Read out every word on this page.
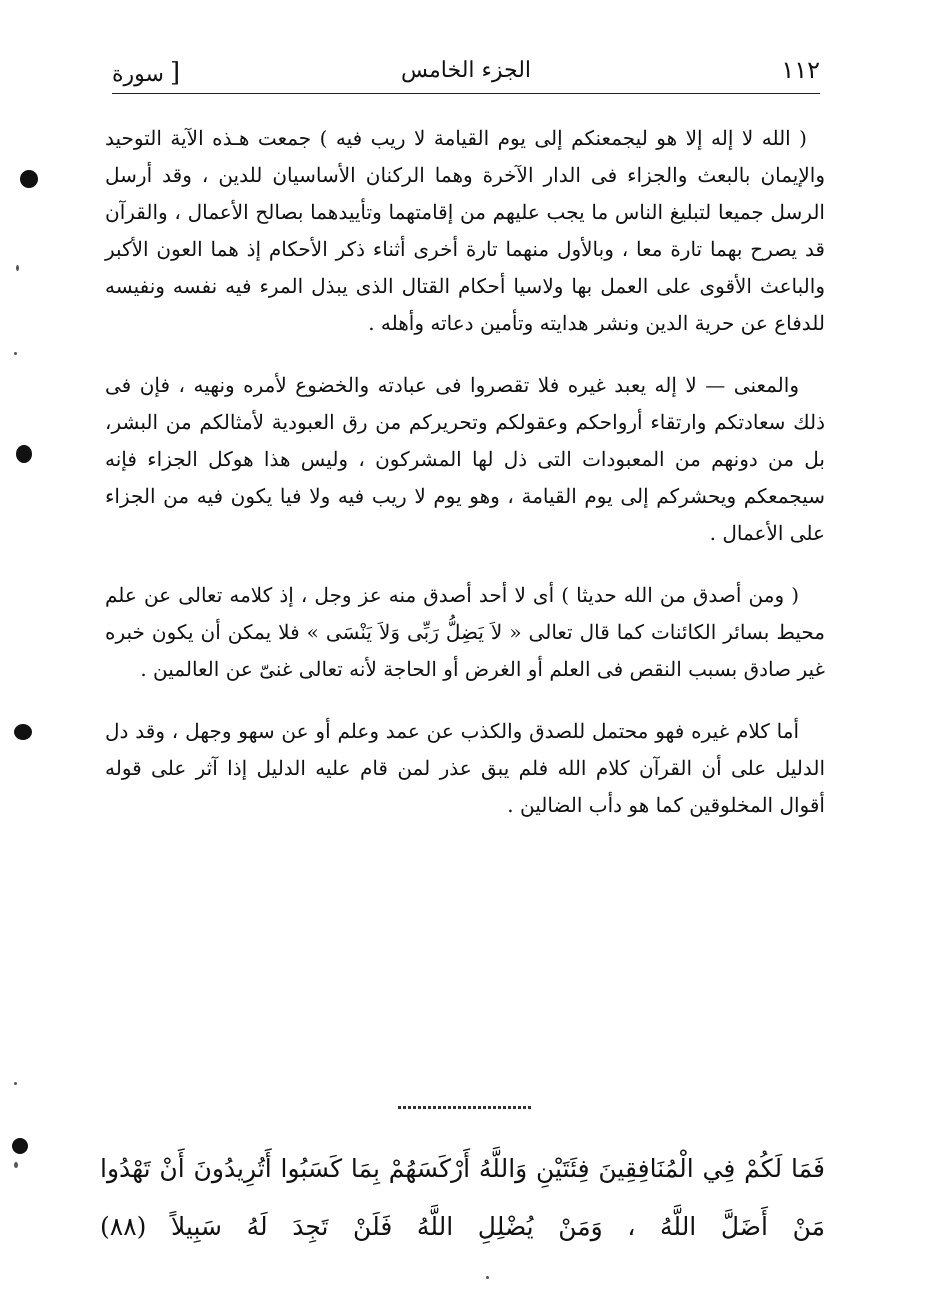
١١٢
الجزء الخامس
[سورة

( الله لا إله إلا هو ليجمعنكم إلى يوم القيامة لا ريب فيه ) جمعت هـذه الآية التوحيد والإيمان بالبعث والجزاء فى الدار الآخرة وهما الركنان الأساسيان للدين ، وقد أرسل الرسل جميعا لتبليغ الناس ما يجب عليهم من إقامتهما وتأييدهما بصالح الأعمال ، والقرآن قد يصرح بهما تارة معا ، وبالأول منهما تارة أخرى أثناء ذكر الأحكام إذ هما العون الأكبر والباعث الأقوى على العمل بها ولاسيا أحكام القتال الذى يبذل المرء فيه نفسه ونفيسه للدفاع عن حرية الدين ونشر هدايته وتأمين دعاته وأهله .

والمعنى — لا إله يعبد غيره فلا تقصروا فى عبادته والخضوع لأمره ونهيه ، فإن فى ذلك سعادتكم وارتقاء أرواحكم وعقولكم وتحريركم من رق العبودية لأمثالكم من البشر، بل من دونهم من المعبودات التى ذل لها المشركون ، وليس هذا هوكل الجزاء فإنه سيجمعكم ويحشركم إلى يوم القيامة ، وهو يوم لا ريب فيه ولا فيا يكون فيه من الجزاء على الأعمال .

( ومن أصدق من الله حديثا ) أى لا أحد أصدق منه عز وجل ، إذ كلامه تعالى عن علم محيط بسائر الكائنات كما قال تعالى « لاَ يَضِلُّ رَبِّى وَلاَ يَنْسَى » فلا يمكن أن يكون خبره غير صادق بسبب النقص فى العلم أو الغرض أو الحاجة لأنه تعالى غنىّ عن العالمين .

أما كلام غيره فهو محتمل للصدق والكذب عن عمد وعلم أو عن سهو وجهل ، وقد دل الدليل على أن القرآن كلام الله فلم يبق عذر لمن قام عليه الدليل إذا آثر على قوله أقوال المخلوقين كما هو دأب الضالين .

فَمَا لَكُمْ فِي الْمُنَافِقِينَ فِئَتَيْنِ وَاللَّهُ أَرْكَسَهُمْ بِمَا كَسَبُوا أَتُرِيدُونَ أَنْ تَهْدُوا مَنْ أَضَلَّ اللَّهُ ، وَمَنْ يُضْلِلِ اللَّهُ فَلَنْ تَجِدَ لَهُ سَبِيلاً (٨٨)
